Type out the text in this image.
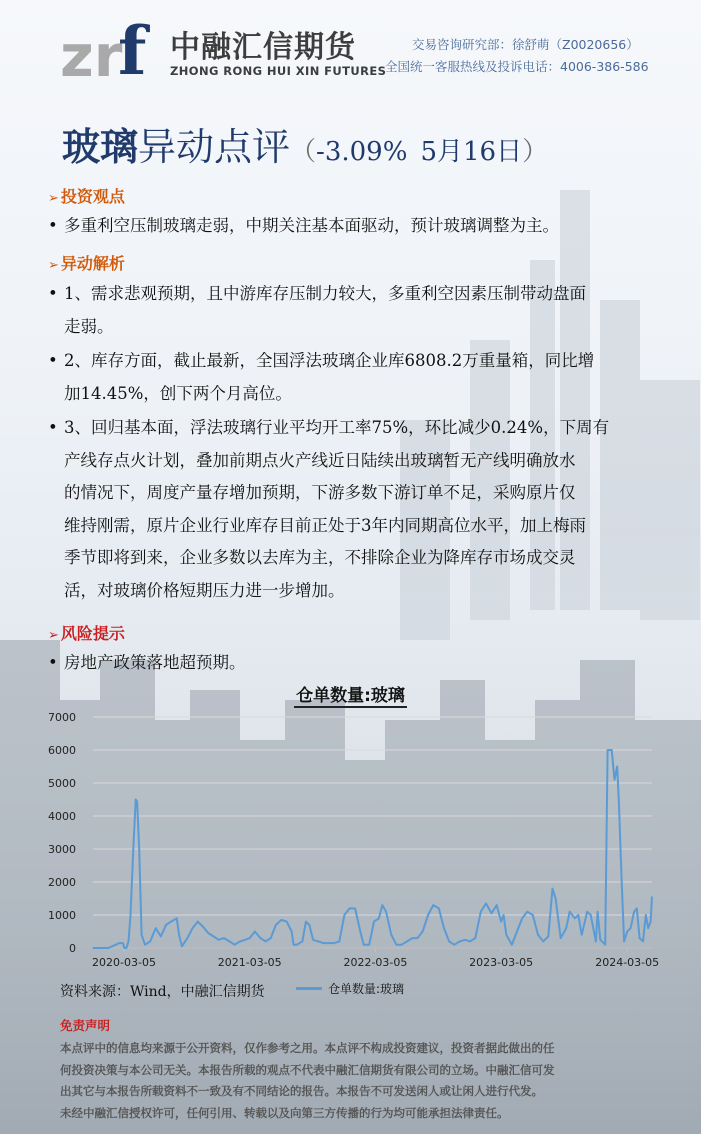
zr
f 中融汇信期货
ZHONG RONG HUI XIN FUTURES
交易咨询研究部：徐舒萌（Z0020656）
全国统一客服热线及投诉电话：4006-386-586
玻璃异动点评（-3.09%  5月16日）
➢ 投资观点
• 多重利空压制玻璃走弱，中期关注基本面驱动，预计玻璃调整为主。
➢ 异动解析
• 1、需求悲观预期，且中游库存压制力较大，多重利空因素压制带动盘面
走弱。
• 2、库存方面，截止最新，全国浮法玻璃企业库6808.2万重量箱，同比增
加14.45%，创下两个月高位。
• 3、回归基本面，浮法玻璃行业平均开工率75%，环比减少0.24%，下周有
产线存点火计划，叠加前期点火产线近日陆续出玻璃暂无产线明确放水
的情况下，周度产量存增加预期，下游多数下游订单不足，采购原片仅
维持刚需，原片企业行业库存目前正处于3年内同期高位水平，加上梅雨
季节即将到来，企业多数以去库为主，不排除企业为降库存市场成交灵
活，对玻璃价格短期压力进一步增加。
➢ 风险提示
• 房地产政策落地超预期。
仓单数量:玻璃
0
1000
2000
3000
4000
5000
6000
7000
2020-03-05	2021-03-05	2022-03-05	2023-03-05	2024-03-05
资料来源：Wind，中融汇信期货	仓单数量:玻璃
免责声明
本点评中的信息均来源于公开资料，仅作参考之用。本点评不构成投资建议，投资者据此做出的任
何投资决策与本公司无关。本报告所载的观点不代表中融汇信期货有限公司的立场。中融汇信可发
出其它与本报告所载资料不一致及有不同结论的报告。本报告不可发送闲人或让闲人进行代发。
未经中融汇信授权许可，任何引用、转载以及向第三方传播的行为均可能承担法律责任。
